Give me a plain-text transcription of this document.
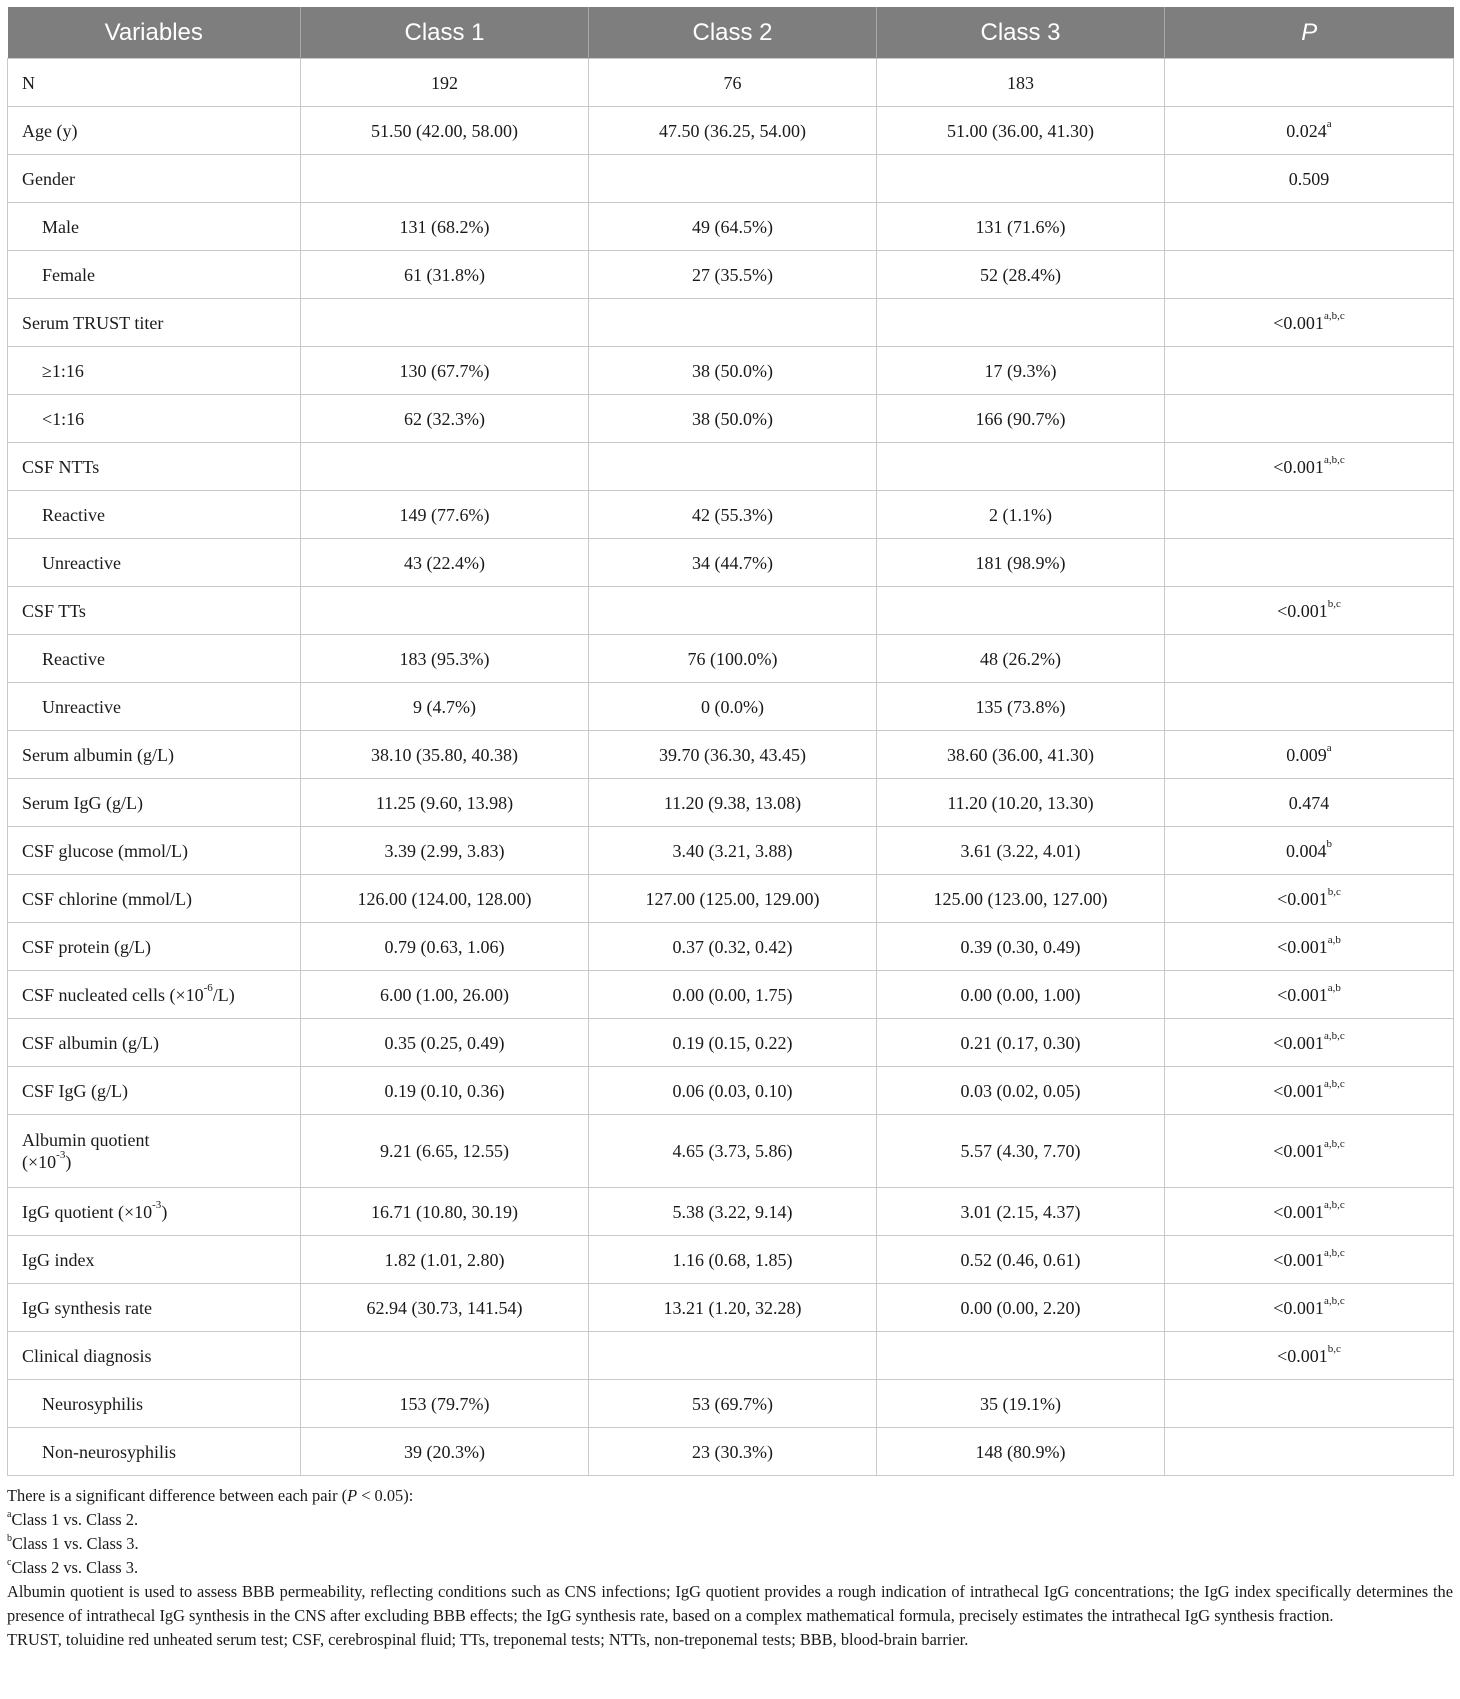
Variables	Class 1	Class 2	Class 3	P
N	192	76	183	
Age (y)	51.50 (42.00, 58.00)	47.50 (36.25, 54.00)	51.00 (36.00, 41.30)	0.024$^a$
Gender				0.509
Male	131 (68.2%)	49 (64.5%)	131 (71.6%)	
Female	61 (31.8%)	27 (35.5%)	52 (28.4%)	
Serum TRUST titer				$<0.001^{a,b,c}$
≥1:16	130 (67.7%)	38 (50.0%)	17 (9.3%)	
<1:16	62 (32.3%)	38 (50.0%)	166 (90.7%)	
CSF NTTs				$<0.001^{a,b,c}$
Reactive	149 (77.6%)	42 (55.3%)	2 (1.1%)	
Unreactive	43 (22.4%)	34 (44.7%)	181 (98.9%)	
CSF TTs				$<0.001^{b,c}$
Reactive	183 (95.3%)	76 (100.0%)	48 (26.2%)	
Unreactive	9 (4.7%)	0 (0.0%)	135 (73.8%)	
Serum albumin (g/L)	38.10 (35.80, 40.38)	39.70 (36.30, 43.45)	38.60 (36.00, 41.30)	0.009$^a$
Serum IgG (g/L)	11.25 (9.60, 13.98)	11.20 (9.38, 13.08)	11.20 (10.20, 13.30)	0.474
CSF glucose (mmol/L)	3.39 (2.99, 3.83)	3.40 (3.21, 3.88)	3.61 (3.22, 4.01)	0.004$^b$
CSF chlorine (mmol/L)	126.00 (124.00, 128.00)	127.00 (125.00, 129.00)	125.00 (123.00, 127.00)	$<0.001^{b,c}$
CSF protein (g/L)	0.79 (0.63, 1.06)	0.37 (0.32, 0.42)	0.39 (0.30, 0.49)	$<0.001^{a,b}$
CSF nucleated cells $(\times 10^{-6}/L)$	6.00 (1.00, 26.00)	0.00 (0.00, 1.75)	0.00 (0.00, 1.00)	$<0.001^{a,b}$
CSF albumin (g/L)	0.35 (0.25, 0.49)	0.19 (0.15, 0.22)	0.21 (0.17, 0.30)	$<0.001^{a,b,c}$
CSF IgG (g/L)	0.19 (0.10, 0.36)	0.06 (0.03, 0.10)	0.03 (0.02, 0.05)	$<0.001^{a,b,c}$
Albumin quotient
$(\times 10^{-3})$	9.21 (6.65, 12.55)	4.65 (3.73, 5.86)	5.57 (4.30, 7.70)	$<0.001^{a,b,c}$
IgG quotient $(\times 10^{-3})$	16.71 (10.80, 30.19)	5.38 (3.22, 9.14)	3.01 (2.15, 4.37)	$<0.001^{a,b,c}$
IgG index	1.82 (1.01, 2.80)	1.16 (0.68, 1.85)	0.52 (0.46, 0.61)	$<0.001^{a,b,c}$
IgG synthesis rate	62.94 (30.73, 141.54)	13.21 (1.20, 32.28)	0.00 (0.00, 2.20)	$<0.001^{a,b,c}$
Clinical diagnosis				$<0.001^{b,c}$
Neurosyphilis	153 (79.7%)	53 (69.7%)	35 (19.1%)	
Non-neurosyphilis	39 (20.3%)	23 (30.3%)	148 (80.9%)	
There is a significant difference between each pair (P < 0.05):
$^a$Class 1 vs. Class 2.
$^b$Class 1 vs. Class 3.
$^c$Class 2 vs. Class 3.
Albumin quotient is used to assess BBB permeability, reflecting conditions such as CNS infections; IgG quotient provides a rough indication of intrathecal IgG concentrations; the IgG index specifically determines the presence of intrathecal IgG synthesis in the CNS after excluding BBB effects; the IgG synthesis rate, based on a complex mathematical formula, precisely estimates the intrathecal IgG synthesis fraction.
TRUST, toluidine red unheated serum test; CSF, cerebrospinal fluid; TTs, treponemal tests; NTTs, non-treponemal tests; BBB, blood-brain barrier.
